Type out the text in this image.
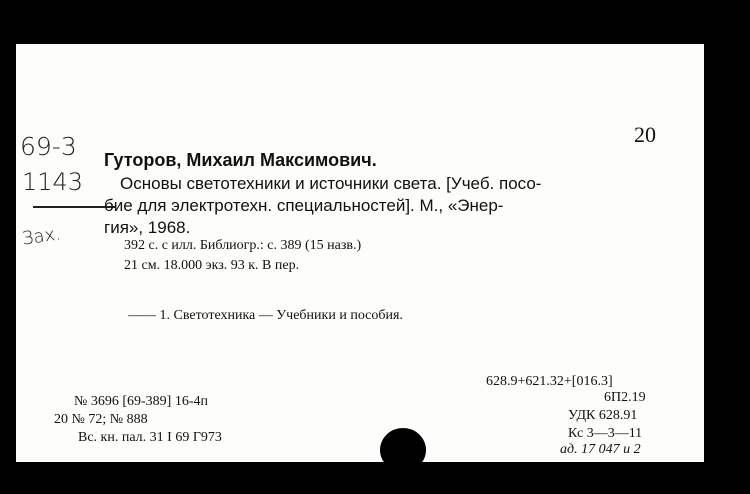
20
69-3
1143
Зах.
Гуторов, Михаил Максимович.
Основы светотехники и источники света. [Учеб. посо-
бие для электротехн. специальностей]. М., «Энер-
гия», 1968.
392 с. с илл. Библиогр.: с. 389 (15 назв.)
21 см. 18.000 экз. 93 к. В пер.
—— 1. Светотехника — Учебники и пособия.
№ 3696 [69-389] 16-4п
20 № 72; № 888
Вс. кн. пал. 31 I 69 Г973
628.9+621.32+[016.3]
6П2.19
УДК 628.91
Кс 3—3—11
ад. 17 047 и 2
